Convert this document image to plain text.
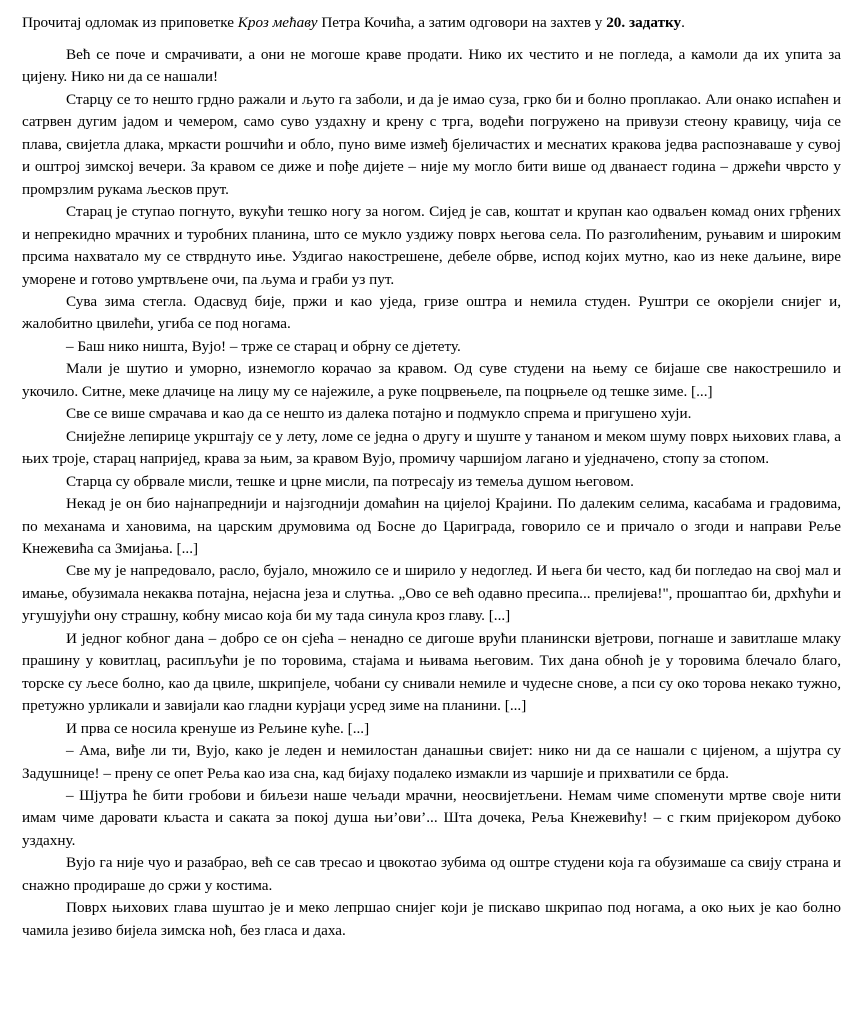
Прочитај одломак из приповетке Кроз мећаву Петра Кочића, а затим одговори на захтев у 20. задатку.

Већ се поче и смрачивати, а они не могоше краве продати. Нико их честито и не погледа, а камоли да их упита за цијену. Нико ни да се нашали!

Старцу се то нешто грдно ражали и љуто га заболи, и да је имао суза, грко би и болно проплакао. Али онако испаћен и сатрвен дугим јадом и чемером, само суво уздахну и крену с трга, водећи погружено на привузи стеону кравицу, чија се плава, свијетла длака, мркасти рошчићи и обло, пуно виме измеђ бјеличастих и меснатих кракова једва распознаваше у сувој и оштрој зимској вечери. За кравом се диже и пође дијете – није му могло бити више од дванаест година – држећи чврсто у промрзлим рукама љесков прут.

Старац је ступао погнуто, вукући тешко ногу за ногом. Сијед је сав, коштат и крупан као одваљен комад оних грђених и непрекидно мрачних и туробних планина, што се мукло уздижу поврх његова села. По разголићеним, руњавим и широким прсима нахватало му се стврднуто иње. Уздигао накострешене, дебеле обрве, испод којих мутно, као из неке даљине, вире уморене и готово умртвљене очи, па љума и граби уз пут.

Сува зима стегла. Одасвуд бије, пржи и као уједа, гризе оштра и немила студен. Руштри се окорјели снијег и, жалобитно цвилећи, угиба се под ногама.

– Баш нико ништа, Вујо! – трже се старац и обрну се дјетету.

Мали је шутио и уморно, изнемогло корачао за кравом. Од суве студени на њему се бијаше све накострешило и укочило. Ситне, меке длачице на лицу му се најежиле, а руке поцрвењеле, па поцрњеле од тешке зиме. [...]

Све се више смрачава и као да се нешто из далека потајно и подмукло спрема и пригушено хуји.

Сниježне лепирице укрштају се у лету, ломе се једна о другу и шуште у тананом и меком шуму поврх њихових глава, а њих троје, старац напријед, крава за њим, за кравом Вујо, промичу чаршијом лагано и уједначено, стопу за стопом.

Старца су обрвале мисли, тешке и црне мисли, па потресају из темеља душом његовом.

Некад је он био најнапреднији и најзгоднији домаћин на цијелој Крајини. По далеким селима, касабама и градовима, по механама и хановима, на царским друмовима од Босне до Цариграда, говорило се и причало о згоди и направи Реље Кнежевића са Змијања. [...]

Све му је напредовало, расло, бујало, множило се и ширило у недоглед. И њега би често, кад би погледао на свој мал и имање, обузимала некаква потајна, нејасна језа и слутња. „Ово се већ одавно пресипа... прелијева!", прошаптао би, дрхћући и угушујући ону страшну, кобну мисао која би му тада синула кроз главу. [...]

И једног кобног дана – добро се он сјећа – ненадно се дигоше врући планински вјетрови, погнаше и завитлаше млаку прашину у ковитлац, расипљући је по торовима, стајама и њивама његовим. Тих дана обноћ је у торовима блечало благо, торске су љесе болно, као да цвиле, шкрипјеле, чобани су снивали немиле и чудесне снове, а пси су око торова некако тужно, претужно урликали и завијали као гладни курјаци усред зиме на планини. [...]

И прва се носила кренуше из Рељине куће. [...]

– Ама, виђе ли ти, Вујо, како је леден и немилостан данашњи свијет: нико ни да се нашали с цијеном, а шјутра су Задушнице! – прену се опет Реља као иза сна, кад бијаху подалеко измакли из чаршије и прихватили се брда.

– Шјутра ће бити гробови и биљези наше чељади мрачни, неосвијетљени. Немам чиме споменути мртве своје нити имам чиме даровати кљаста и саката за покој душа њи’ови’... Шта дочека, Реља Кнежевићу! – с гким пријекором дубоко уздахну.

Вујо га није чуо и разабрао, већ се сав тресао и цвокотао зубима од оштре студени која га обузимаше са свију страна и снажно продираше до сржи у костима.

Поврх њихових глава шуштао је и меко лепршао снијег који је пискаво шкрипао под ногама, а око њих је као болно чамила језиво бијела зимска ноћ, без гласа и даха.
